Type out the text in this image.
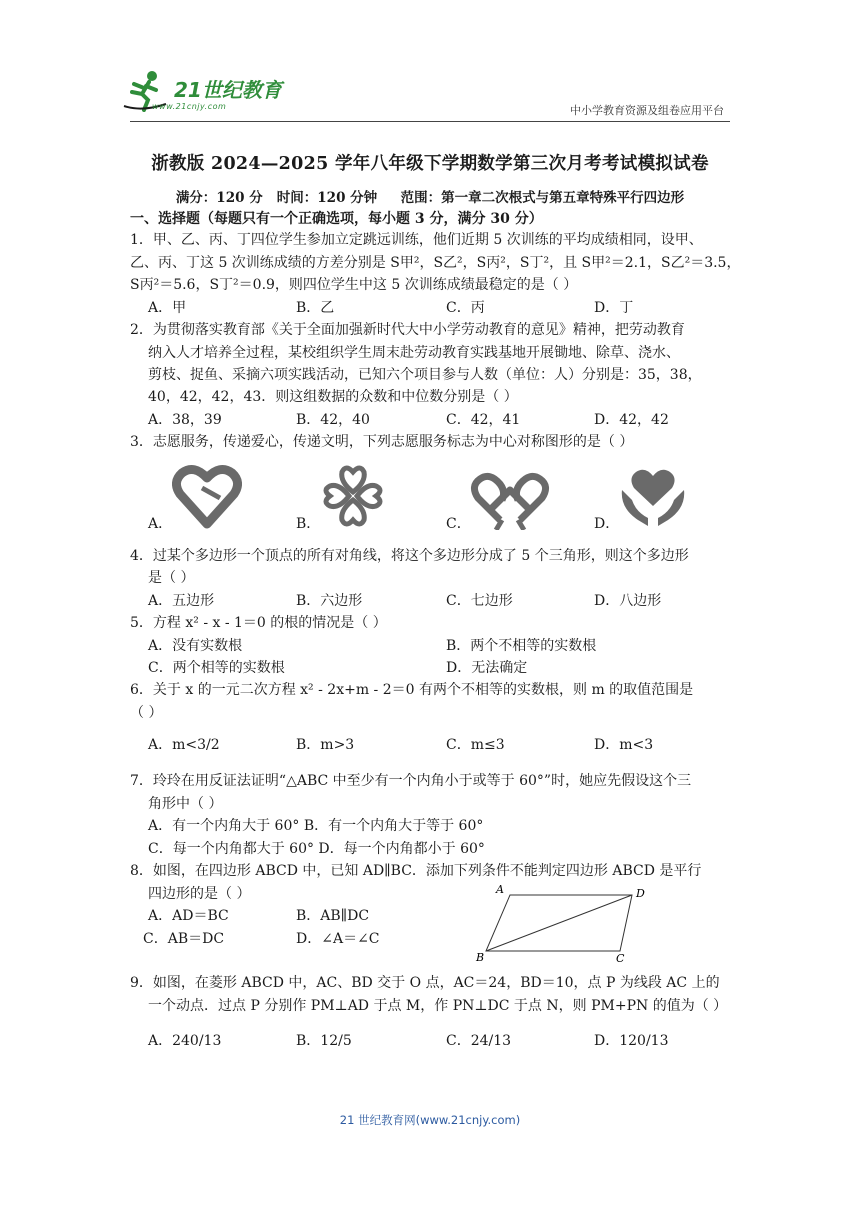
21世纪教育
www.21cnjy.com	中小学教育资源及组卷应用平台
浙教版 2024—2025 学年八年级下学期数学第三次月考考试模拟试卷
满分：120 分   时间：120 分钟     范围：第一章二次根式与第五章特殊平行四边形
一、选择题（每题只有一个正确选项，每小题 3 分，满分 30 分）
1．甲、乙、丙、丁四位学生参加立定跳远训练，他们近期 5 次训练的平均成绩相同，设甲、
乙、丙、丁这 5 次训练成绩的方差分别是 S甲²，S乙²，S丙²，S丁²，且 S甲²＝2.1，S乙²＝3.5，
S丙²＝5.6，S丁²＝0.9，则四位学生中这 5 次训练成绩最稳定的是（ ）
A．甲	B．乙	C．丙	D．丁
2．为贯彻落实教育部《关于全面加强新时代大中小学劳动教育的意见》精神，把劳动教育
纳入人才培养全过程，某校组织学生周末赴劳动教育实践基地开展锄地、除草、浇水、
剪枝、捉鱼、采摘六项实践活动，已知六个项目参与人数（单位：人）分别是：35，38，
40，42，42，43．则这组数据的众数和中位数分别是（ ）
A．38，39	B．42，40	C．42，41	D．42，42
3．志愿服务，传递爱心，传递文明，下列志愿服务标志为中心对称图形的是（ ）
A．	B．	C．	D．
4．过某个多边形一个顶点的所有对角线，将这个多边形分成了 5 个三角形，则这个多边形
是（ ）
A．五边形	B．六边形	C．七边形	D．八边形
5．方程 x² - x - 1＝0 的根的情况是（ ）
A．没有实数根	B．两个不相等的实数根
C．两个相等的实数根	D．无法确定
6．关于 x 的一元二次方程 x² - 2x+m - 2＝0 有两个不相等的实数根，则 m 的取值范围是
（ ）
A．m<3/2	B．m>3	C．m≤3	D．m<3
7．玲玲在用反证法证明“△ABC 中至少有一个内角小于或等于 60°”时，她应先假设这个三
角形中（ ）
A．有一个内角大于 60° B．有一个内角大于等于 60°
C．每一个内角都大于 60° D．每一个内角都小于 60°
8．如图，在四边形 ABCD 中，已知 AD∥BC．添加下列条件不能判定四边形 ABCD 是平行
四边形的是（ ）
A．AD＝BC	B．AB∥DC
C．AB＝DC	D．∠A＝∠C
A	D
B	C
9．如图，在菱形 ABCD 中，AC、BD 交于 O 点，AC＝24，BD＝10，点 P 为线段 AC 上的
一个动点．过点 P 分别作 PM⊥AD 于点 M，作 PN⊥DC 于点 N，则 PM+PN 的值为（ ）
A．240/13	B．12/5	C．24/13	D．120/13
21 世纪教育网(www.21cnjy.com)
